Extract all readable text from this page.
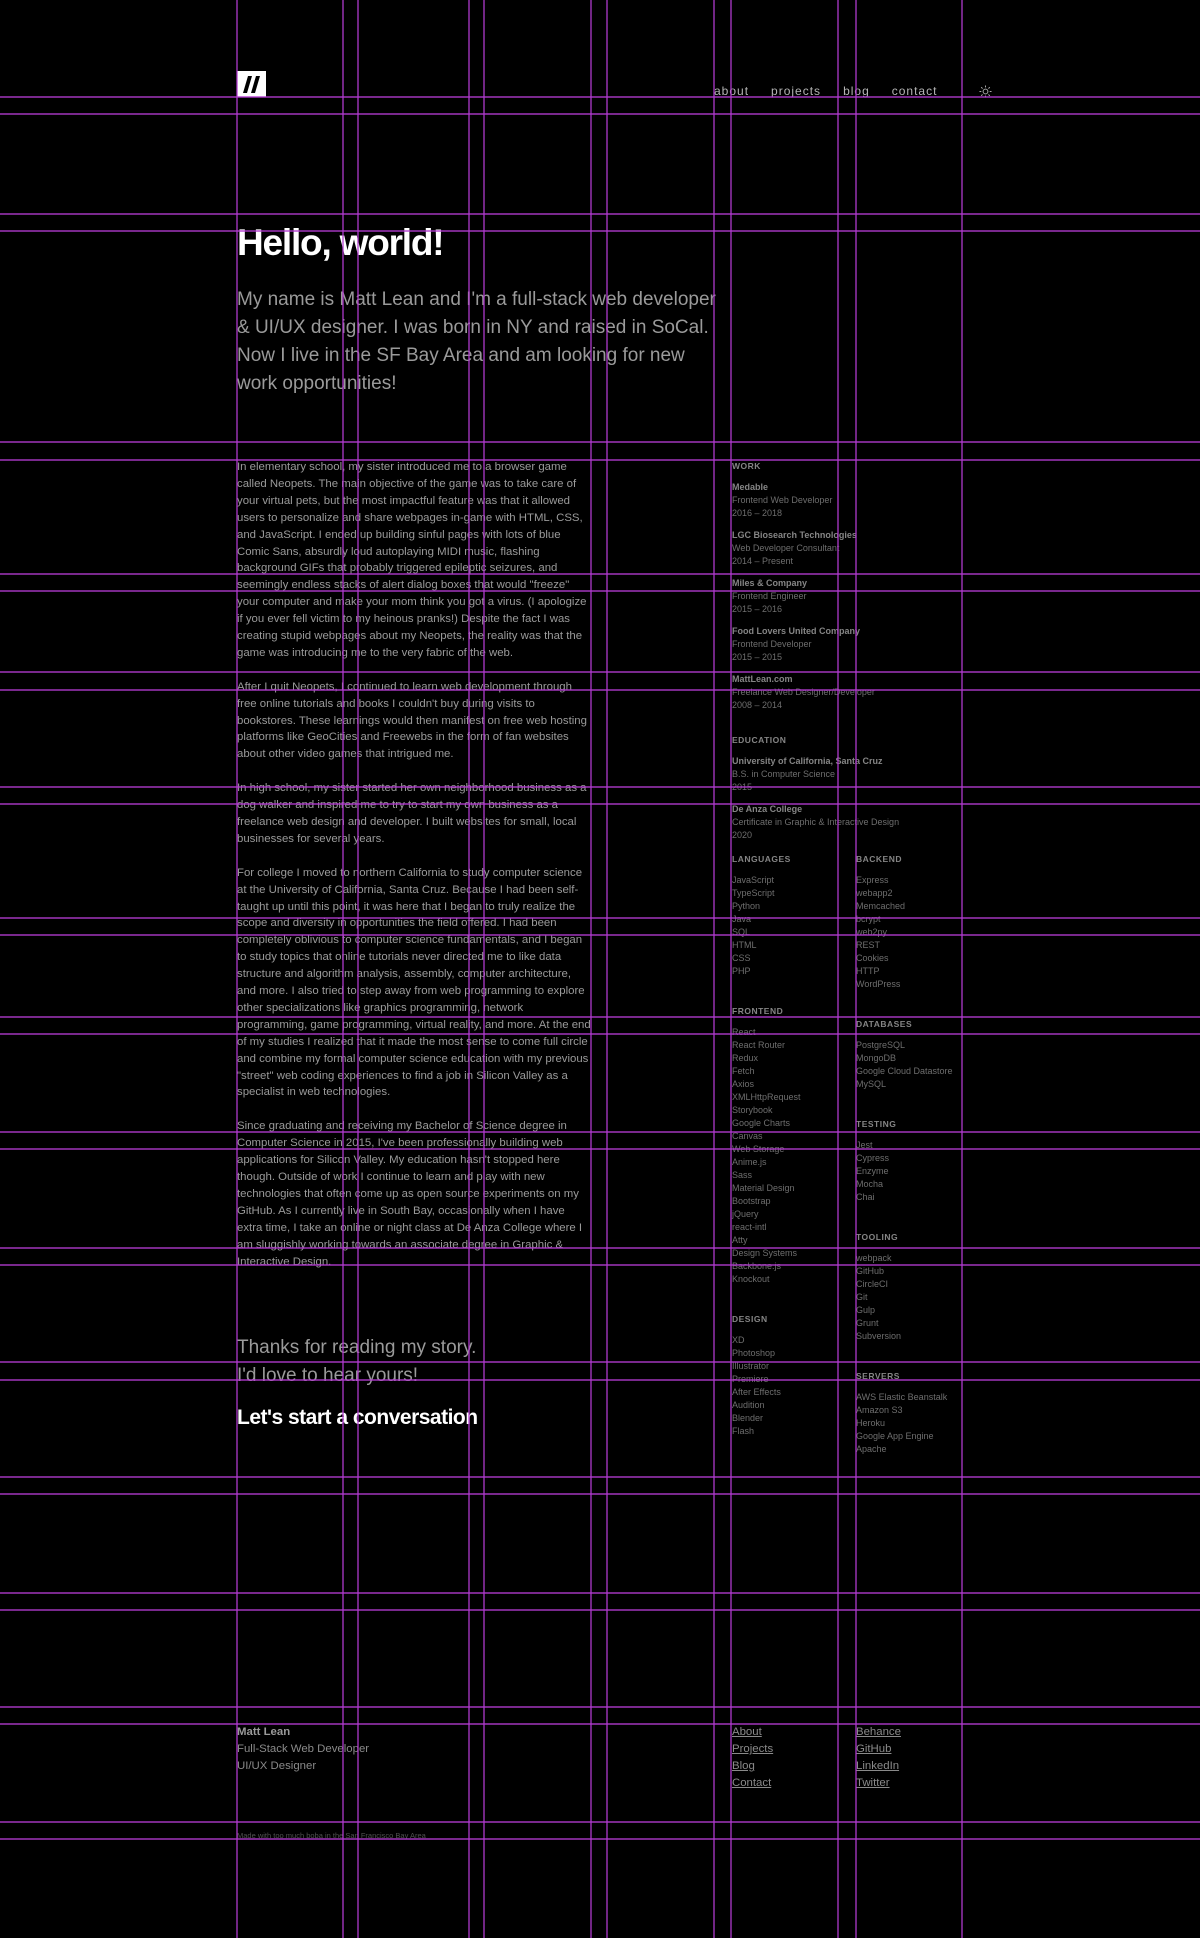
about projects blog contact
Hello, world!

My name is Matt Lean and I'm a full-stack web developer & UI/UX designer. I was born in NY and raised in SoCal. Now I live in the SF Bay Area and am looking for new work opportunities!

In elementary school, my sister introduced me to a browser game called Neopets. The main objective of the game was to take care of your virtual pets, but the most impactful feature was that it allowed users to personalize and share webpages in-game with HTML, CSS, and JavaScript. I ended up building sinful pages with lots of blue Comic Sans, absurdly loud autoplaying MIDI music, flashing background GIFs that probably triggered epileptic seizures, and seemingly endless stacks of alert dialog boxes that would "freeze" your computer and make your mom think you got a virus. (I apologize if you ever fell victim to my heinous pranks!) Despite the fact I was creating stupid webpages about my Neopets, the reality was that the game was introducing me to the very fabric of the web.

After I quit Neopets, I continued to learn web development through free online tutorials and books I couldn't buy during visits to bookstores. These learnings would then manifest on free web hosting platforms like GeoCities and Freewebs in the form of fan websites about other video games that intrigued me.

In high school, my sister started her own neighborhood business as a dog walker and inspired me to try to start my own business as a freelance web design and developer. I built websites for small, local businesses for several years.

For college I moved to northern California to study computer science at the University of California, Santa Cruz. Because I had been self-taught up until this point, it was here that I began to truly realize the scope and diversity in opportunities the field offered. I had been completely oblivious to computer science fundamentals, and I began to study topics that online tutorials never directed me to like data structure and algorithm analysis, assembly, computer architecture, and more. I also tried to step away from web programming to explore other specializations like graphics programming, network programming, game programming, virtual reality, and more. At the end of my studies I realized that it made the most sense to come full circle and combine my formal computer science education with my previous "street" web coding experiences to find a job in Silicon Valley as a specialist in web technologies.

Since graduating and receiving my Bachelor of Science degree in Computer Science in 2015, I've been professionally building web applications for Silicon Valley. My education hasn't stopped here though. Outside of work I continue to learn and play with new technologies that often come up as open source experiments on my GitHub. As I currently live in South Bay, occasionally when I have extra time, I take an online or night class at De Anza College where I am sluggishly working towards an associate degree in Graphic & Interactive Design.

Thanks for reading my story.
I'd love to hear yours!

Let's start a conversation
WORK
Medable
Frontend Web Developer
2016 – 2018
LGC Biosearch Technologies
Web Developer Consultant
2014 – Present
Miles & Company
Frontend Engineer
2015 – 2016
Food Lovers United Company
Frontend Developer
2015 – 2015
MattLean.com
Freelance Web Designer/Developer
2008 – 2014
EDUCATION
University of California, Santa Cruz
B.S. in Computer Science
2015
De Anza College
Certificate in Graphic & Interactive Design
2020
LANGUAGES
JavaScript
TypeScript
Python
Java
SQL
HTML
CSS
PHP
FRONTEND
React
React Router
Redux
Fetch
Axios
XMLHttpRequest
Storybook
Google Charts
Canvas
Web Storage
Anime.js
Sass
Material Design
Bootstrap
jQuery
react-intl
Atty
Design Systems
Backbone.js
Knockout
DESIGN
XD
Photoshop
Illustrator
Premiere
After Effects
Audition
Blender
Flash
BACKEND
Express
webapp2
Memcached
bcrypt
web2py
REST
Cookies
HTTP
WordPress
DATABASES
PostgreSQL
MongoDB
Google Cloud Datastore
MySQL
TESTING
Jest
Cypress
Enzyme
Mocha
Chai
TOOLING
webpack
GitHub
CircleCI
Git
Gulp
Grunt
Subversion
SERVERS
AWS Elastic Beanstalk
Amazon S3
Heroku
Google App Engine
Apache
Matt Lean
Full-Stack Web Developer
UI/UX Designer
About
Projects
Blog
Contact
Behance
GitHub
LinkedIn
Twitter
Made with too much boba in the San Francisco Bay Area
